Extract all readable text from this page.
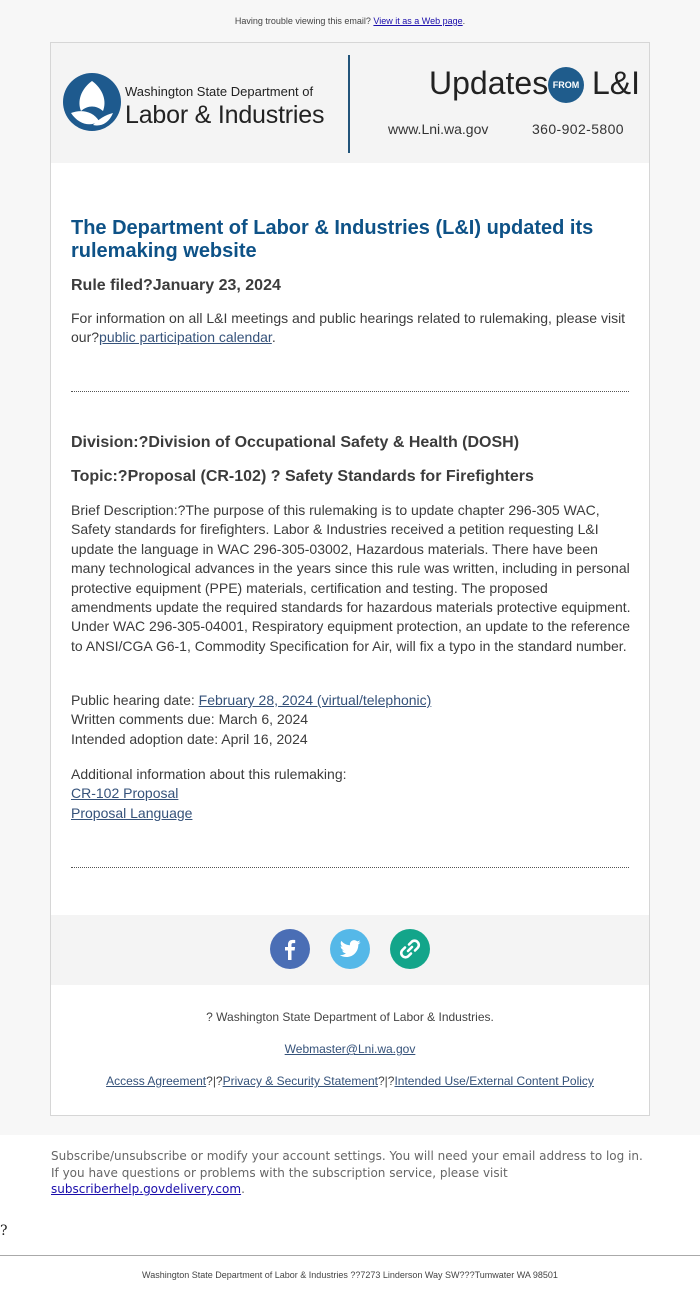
Having trouble viewing this email? View it as a Web page.
Washington State Department of
Labor & Industries
Updates FROM L&I
www.Lni.wa.gov	360-902-5800
The Department of Labor & Industries (L&I) updated its rulemaking website
Rule filed?January 23, 2024
For information on all L&I meetings and public hearings related to rulemaking, please visit our?public participation calendar.
Division:?Division of Occupational Safety & Health (DOSH)
Topic:?Proposal (CR-102) ? Safety Standards for Firefighters
Brief Description:?The purpose of this rulemaking is to update chapter 296-305 WAC, Safety standards for firefighters. Labor & Industries received a petition requesting L&I update the language in WAC 296-305-03002, Hazardous materials. There have been many technological advances in the years since this rule was written, including in personal protective equipment (PPE) materials, certification and testing. The proposed amendments update the required standards for hazardous materials protective equipment. Under WAC 296-305-04001, Respiratory equipment protection, an update to the reference to ANSI/CGA G6-1, Commodity Specification for Air, will fix a typo in the standard number.
Public hearing date: February 28, 2024 (virtual/telephonic)
Written comments due: March 6, 2024
Intended adoption date: April 16, 2024
Additional information about this rulemaking:
CR-102 Proposal
Proposal Language
? Washington State Department of Labor & Industries.
Webmaster@Lni.wa.gov
Access Agreement?|?Privacy & Security Statement?|?Intended Use/External Content Policy
Subscribe/unsubscribe or modify your account settings. You will need your email address to log in. If you have questions or problems with the subscription service, please visit subscriberhelp.govdelivery.com.
?
Washington State Department of Labor & Industries ??7273 Linderson Way SW???Tumwater WA 98501
